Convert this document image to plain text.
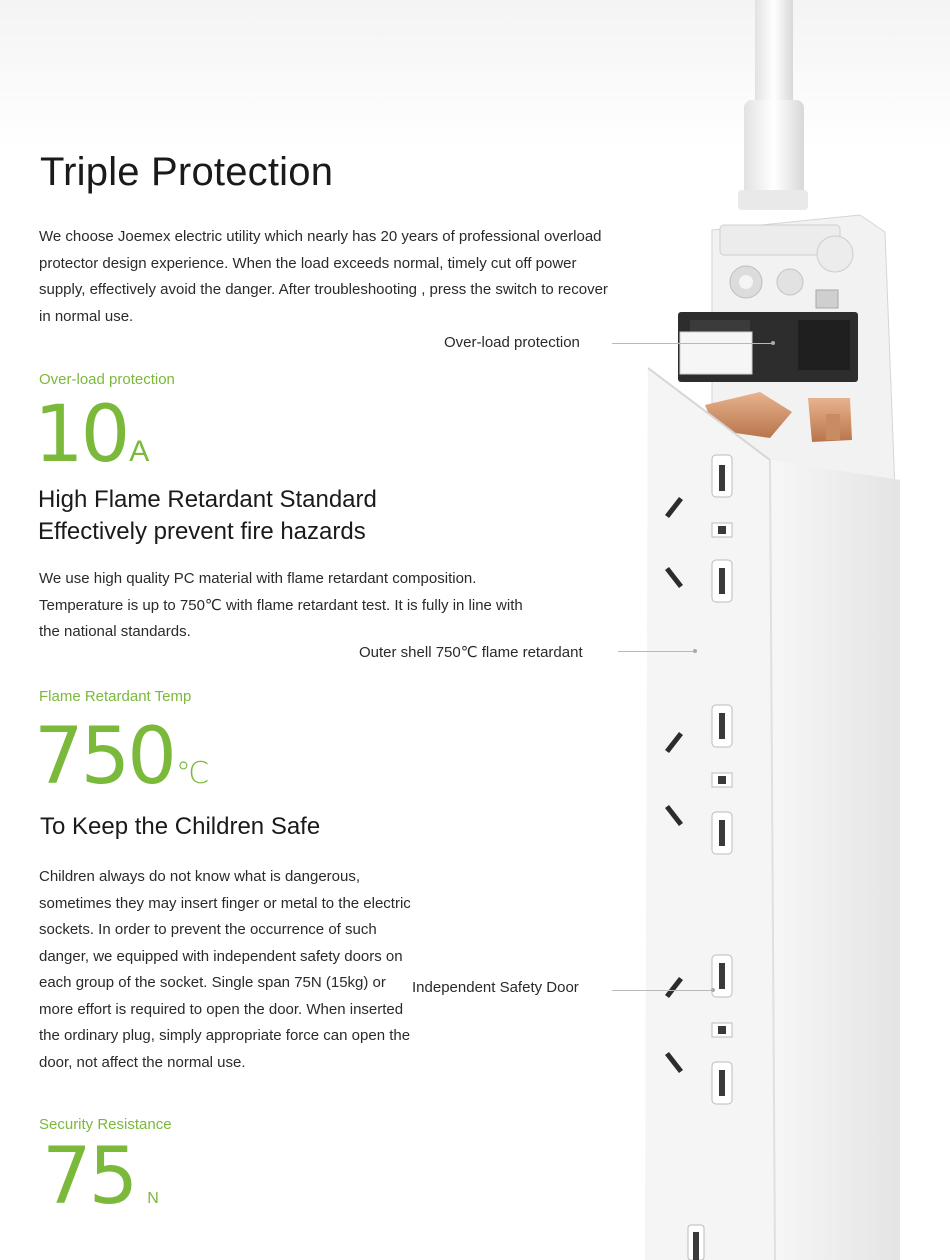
Triple Protection
We choose Joemex electric utility which nearly has 20 years of professional overload protector design experience. When the load exceeds normal, timely cut off power supply, effectively avoid the danger. After troubleshooting , press the switch to recover in normal use.
Over-load protection
10A
High Flame Retardant Standard
Effectively prevent fire hazards
We use high quality PC material with flame retardant composition. Temperature is up to 750℃ with flame retardant test. It is fully in line with the national standards.
Flame Retardant Temp
750℃
To Keep the Children Safe
Children always do not know what is dangerous, sometimes they may insert finger or metal to the electric sockets. In order to prevent the occurrence of such danger, we equipped with independent safety doors on each group of the socket. Single span 75N (15kg) or more effort is required to open the door. When inserted the ordinary plug, simply appropriate force can open the door, not affect the normal use.
Security Resistance
75 N
Over-load protection
Outer shell 750℃ flame retardant
Independent Safety Door
